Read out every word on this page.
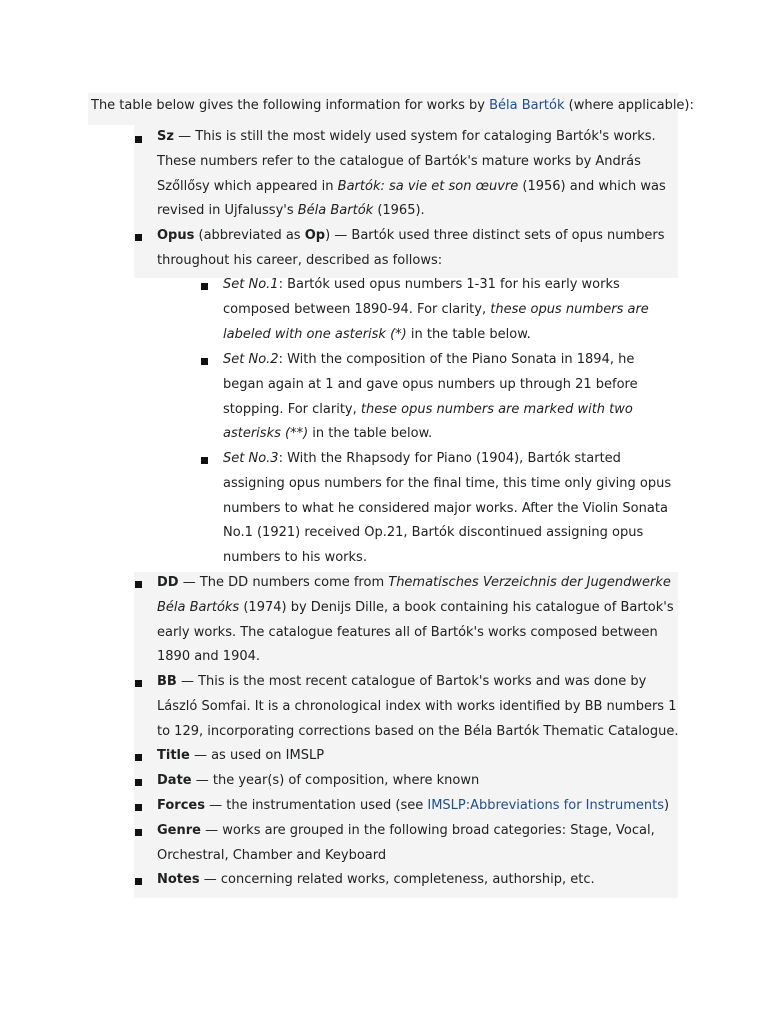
The table below gives the following information for works by Béla Bartók (where applicable):
Sz — This is still the most widely used system for cataloging Bartók's works. These numbers refer to the catalogue of Bartók's mature works by András Szőllősy which appeared in Bartók: sa vie et son œuvre (1956) and which was revised in Ujfalussy's Béla Bartók (1965).
Opus (abbreviated as Op) — Bartók used three distinct sets of opus numbers throughout his career, described as follows:
Set No.1: Bartók used opus numbers 1-31 for his early works composed between 1890-94. For clarity, these opus numbers are labeled with one asterisk (*) in the table below.
Set No.2: With the composition of the Piano Sonata in 1894, he began again at 1 and gave opus numbers up through 21 before stopping. For clarity, these opus numbers are marked with two asterisks (**) in the table below.
Set No.3: With the Rhapsody for Piano (1904), Bartók started assigning opus numbers for the final time, this time only giving opus numbers to what he considered major works. After the Violin Sonata No.1 (1921) received Op.21, Bartók discontinued assigning opus numbers to his works.
DD — The DD numbers come from Thematisches Verzeichnis der Jugendwerke Béla Bartóks (1974) by Denijs Dille, a book containing his catalogue of Bartok's early works. The catalogue features all of Bartók's works composed between 1890 and 1904.
BB — This is the most recent catalogue of Bartok's works and was done by László Somfai. It is a chronological index with works identified by BB numbers 1 to 129, incorporating corrections based on the Béla Bartók Thematic Catalogue.
Title — as used on IMSLP
Date — the year(s) of composition, where known
Forces — the instrumentation used (see IMSLP:Abbreviations for Instruments)
Genre — works are grouped in the following broad categories: Stage, Vocal, Orchestral, Chamber and Keyboard
Notes — concerning related works, completeness, authorship, etc.
